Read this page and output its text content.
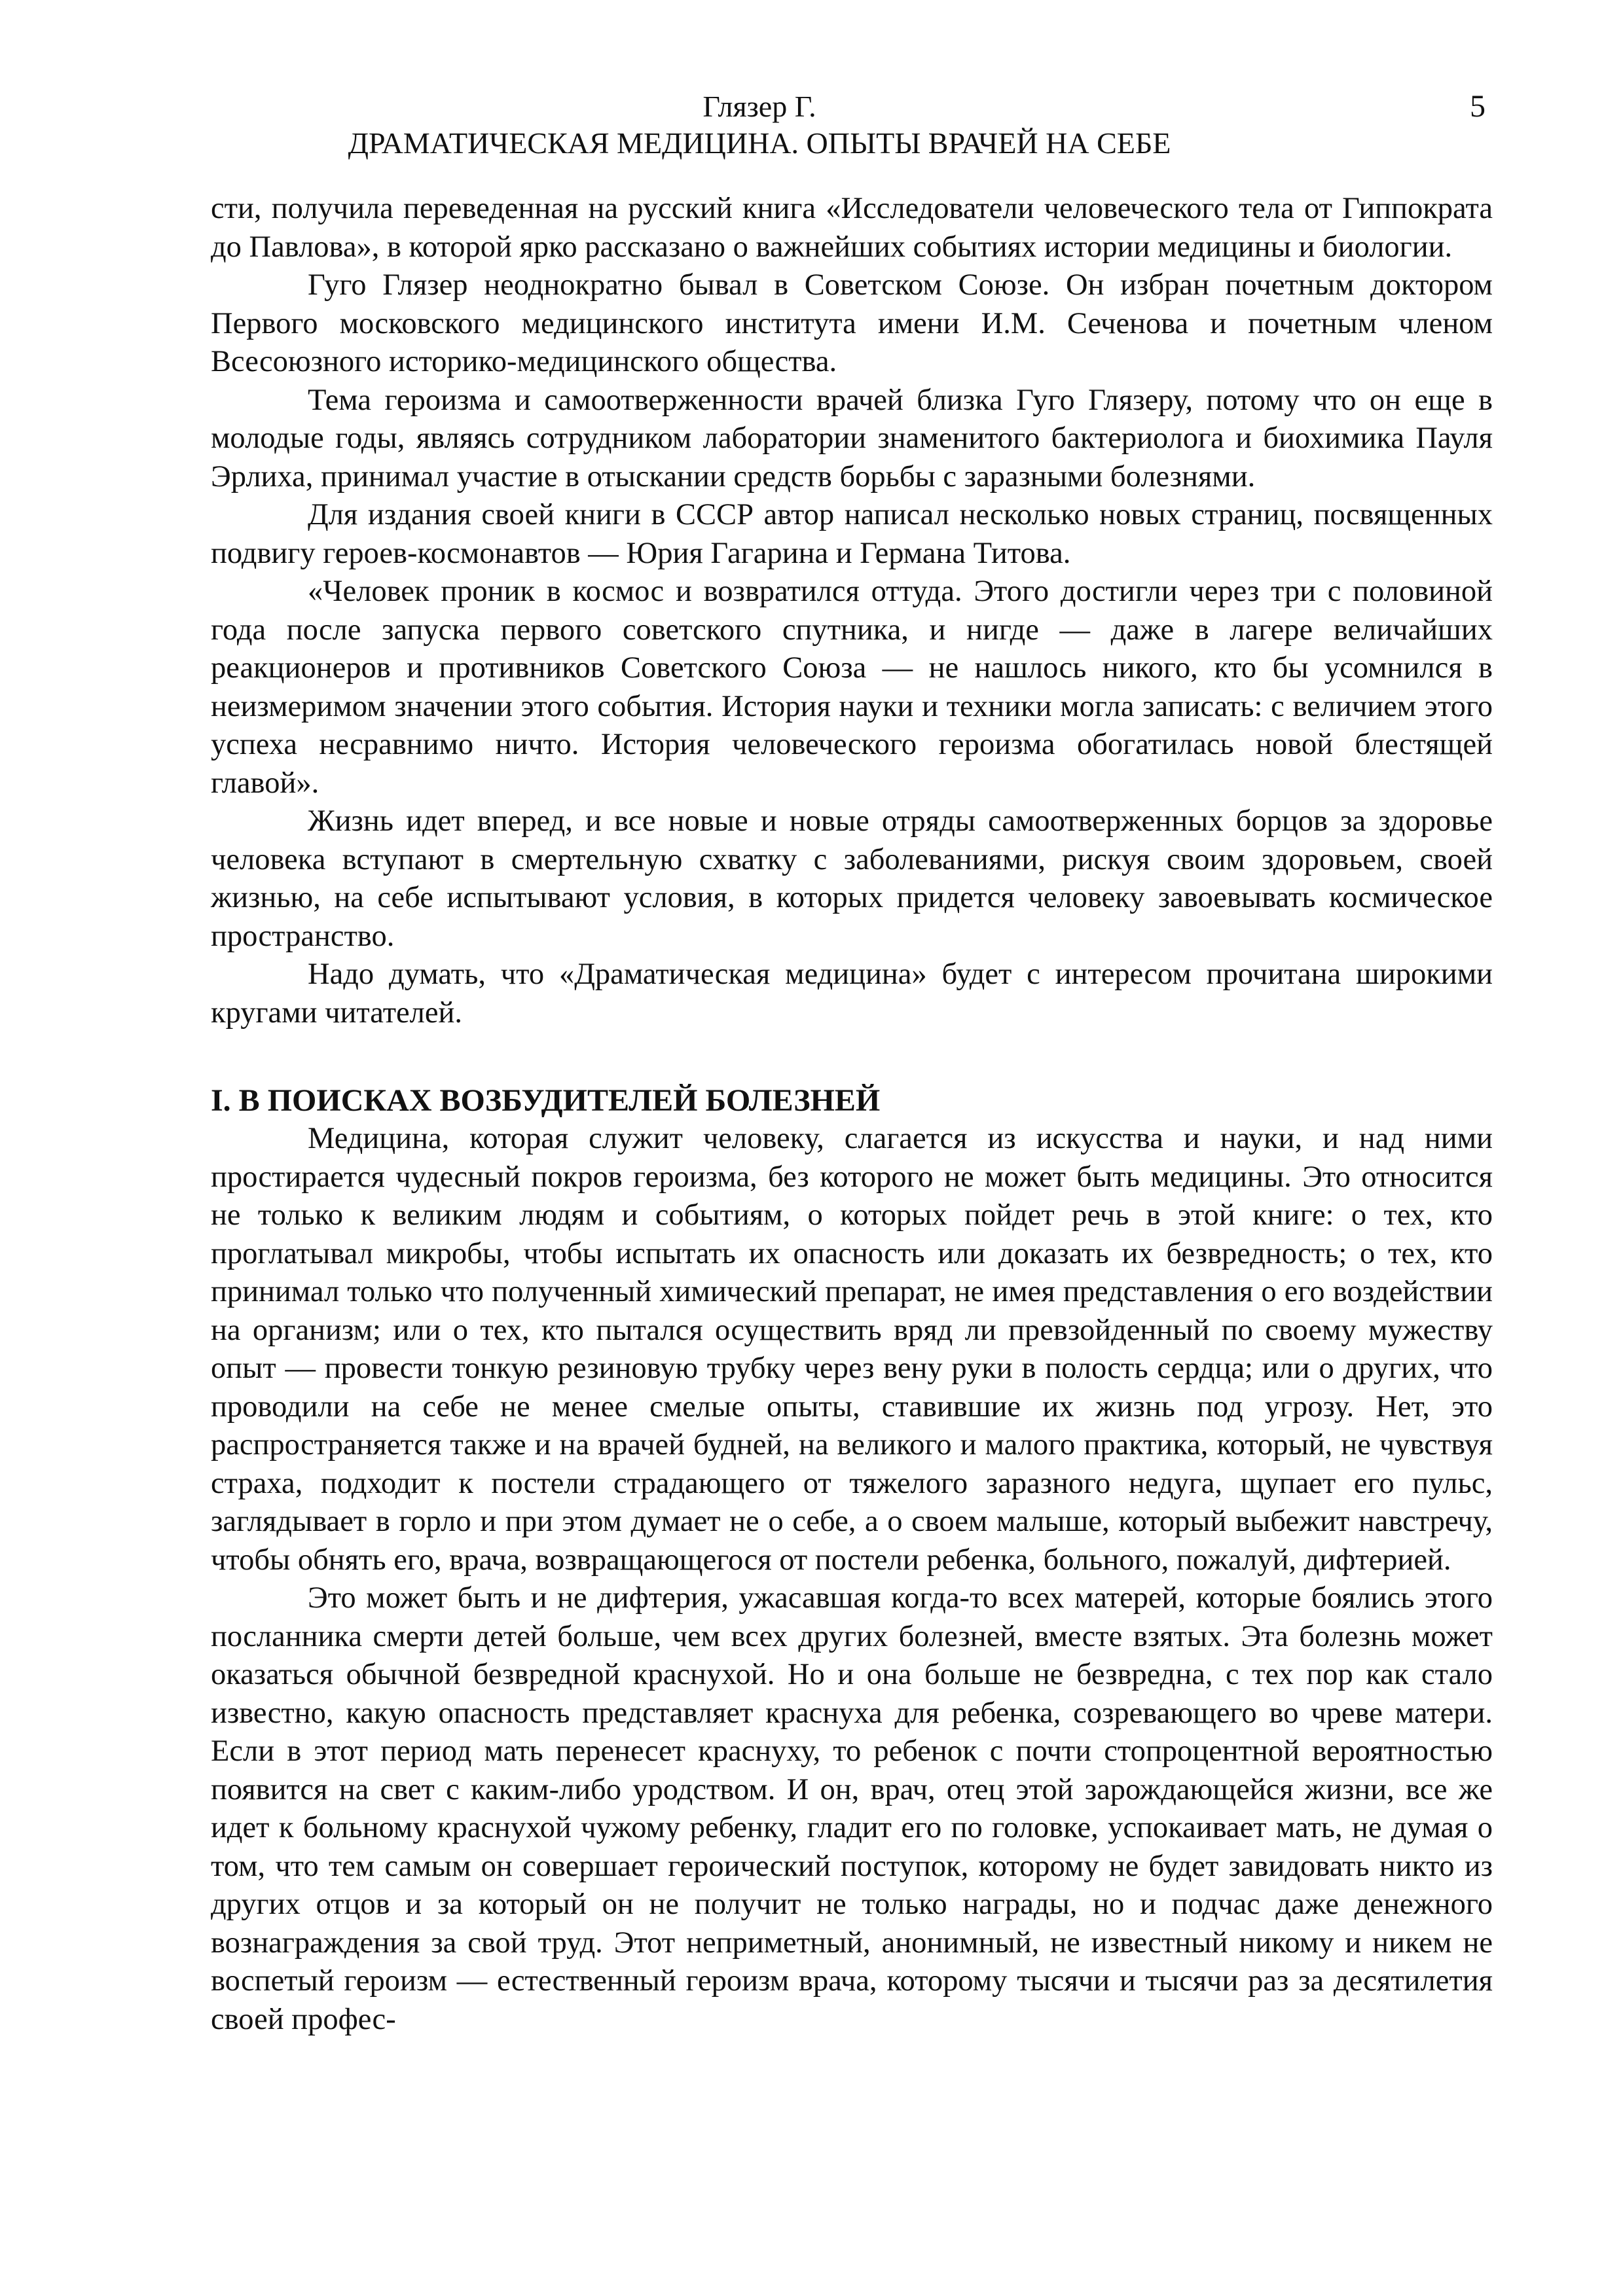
Глязер Г.
ДРАМАТИЧЕСКАЯ МЕДИЦИНА. ОПЫТЫ ВРАЧЕЙ НА СЕБЕ
5

сти, получила переведенная на русский книга «Исследователи человеческого тела от Гиппократа до Павлова», в которой ярко рассказано о важнейших событиях истории медицины и биологии.

Гуго Глязер неоднократно бывал в Советском Союзе. Он избран почетным доктором Первого московского медицинского института имени И.М. Сеченова и почетным членом Всесоюзного историко-медицинского общества.

Тема героизма и самоотверженности врачей близка Гуго Глязеру, потому что он еще в молодые годы, являясь сотрудником лаборатории знаменитого бактериолога и биохимика Пауля Эрлиха, принимал участие в отыскании средств борьбы с заразными болезнями.

Для издания своей книги в СССР автор написал несколько новых страниц, посвященных подвигу героев-космонавтов — Юрия Гагарина и Германа Титова.

«Человек проник в космос и возвратился оттуда. Этого достигли через три с половиной года после запуска первого советского спутника, и нигде — даже в лагере величайших реакционеров и противников Советского Союза — не нашлось никого, кто бы усомнился в неизмеримом значении этого события. История науки и техники могла записать: с величием этого успеха несравнимо ничто. История человеческого героизма обогатилась новой блестящей главой».

Жизнь идет вперед, и все новые и новые отряды самоотверженных борцов за здоровье человека вступают в смертельную схватку с заболеваниями, рискуя своим здоровьем, своей жизнью, на себе испытывают условия, в которых придется человеку завоевывать космическое пространство.

Надо думать, что «Драматическая медицина» будет с интересом прочитана широкими кругами читателей.

I. В ПОИСКАХ ВОЗБУДИТЕЛЕЙ БОЛЕЗНЕЙ

Медицина, которая служит человеку, слагается из искусства и науки, и над ними простирается чудесный покров героизма, без которого не может быть медицины. Это относится не только к великим людям и событиям, о которых пойдет речь в этой книге: о тех, кто проглатывал микробы, чтобы испытать их опасность или доказать их безвредность; о тех, кто принимал только что полученный химический препарат, не имея представления о его воздействии на организм; или о тех, кто пытался осуществить вряд ли превзойденный по своему мужеству опыт — провести тонкую резиновую трубку через вену руки в полость сердца; или о других, что проводили на себе не менее смелые опыты, ставившие их жизнь под угрозу. Нет, это распространяется также и на врачей будней, на великого и малого практика, который, не чувствуя страха, подходит к постели страдающего от тяжелого заразного недуга, щупает его пульс, заглядывает в горло и при этом думает не о себе, а о своем малыше, который выбежит навстречу, чтобы обнять его, врача, возвращающегося от постели ребенка, больного, пожалуй, дифтерией.

Это может быть и не дифтерия, ужасавшая когда-то всех матерей, которые боялись этого посланника смерти детей больше, чем всех других болезней, вместе взятых. Эта болезнь может оказаться обычной безвредной краснухой. Но и она больше не безвредна, с тех пор как стало известно, какую опасность представляет краснуха для ребенка, созревающего во чреве матери. Если в этот период мать перенесет краснуху, то ребенок с почти стопроцентной вероятностью появится на свет с каким-либо уродством. И он, врач, отец этой зарождающейся жизни, все же идет к больному краснухой чужому ребенку, гладит его по головке, успокаивает мать, не думая о том, что тем самым он совершает героический поступок, которому не будет завидовать никто из других отцов и за который он не получит не только награды, но и подчас даже денежного вознаграждения за свой труд. Этот неприметный, анонимный, не известный никому и никем не воспетый героизм — естественный героизм врача, которому тысячи и тысячи раз за десятилетия своей профес-
